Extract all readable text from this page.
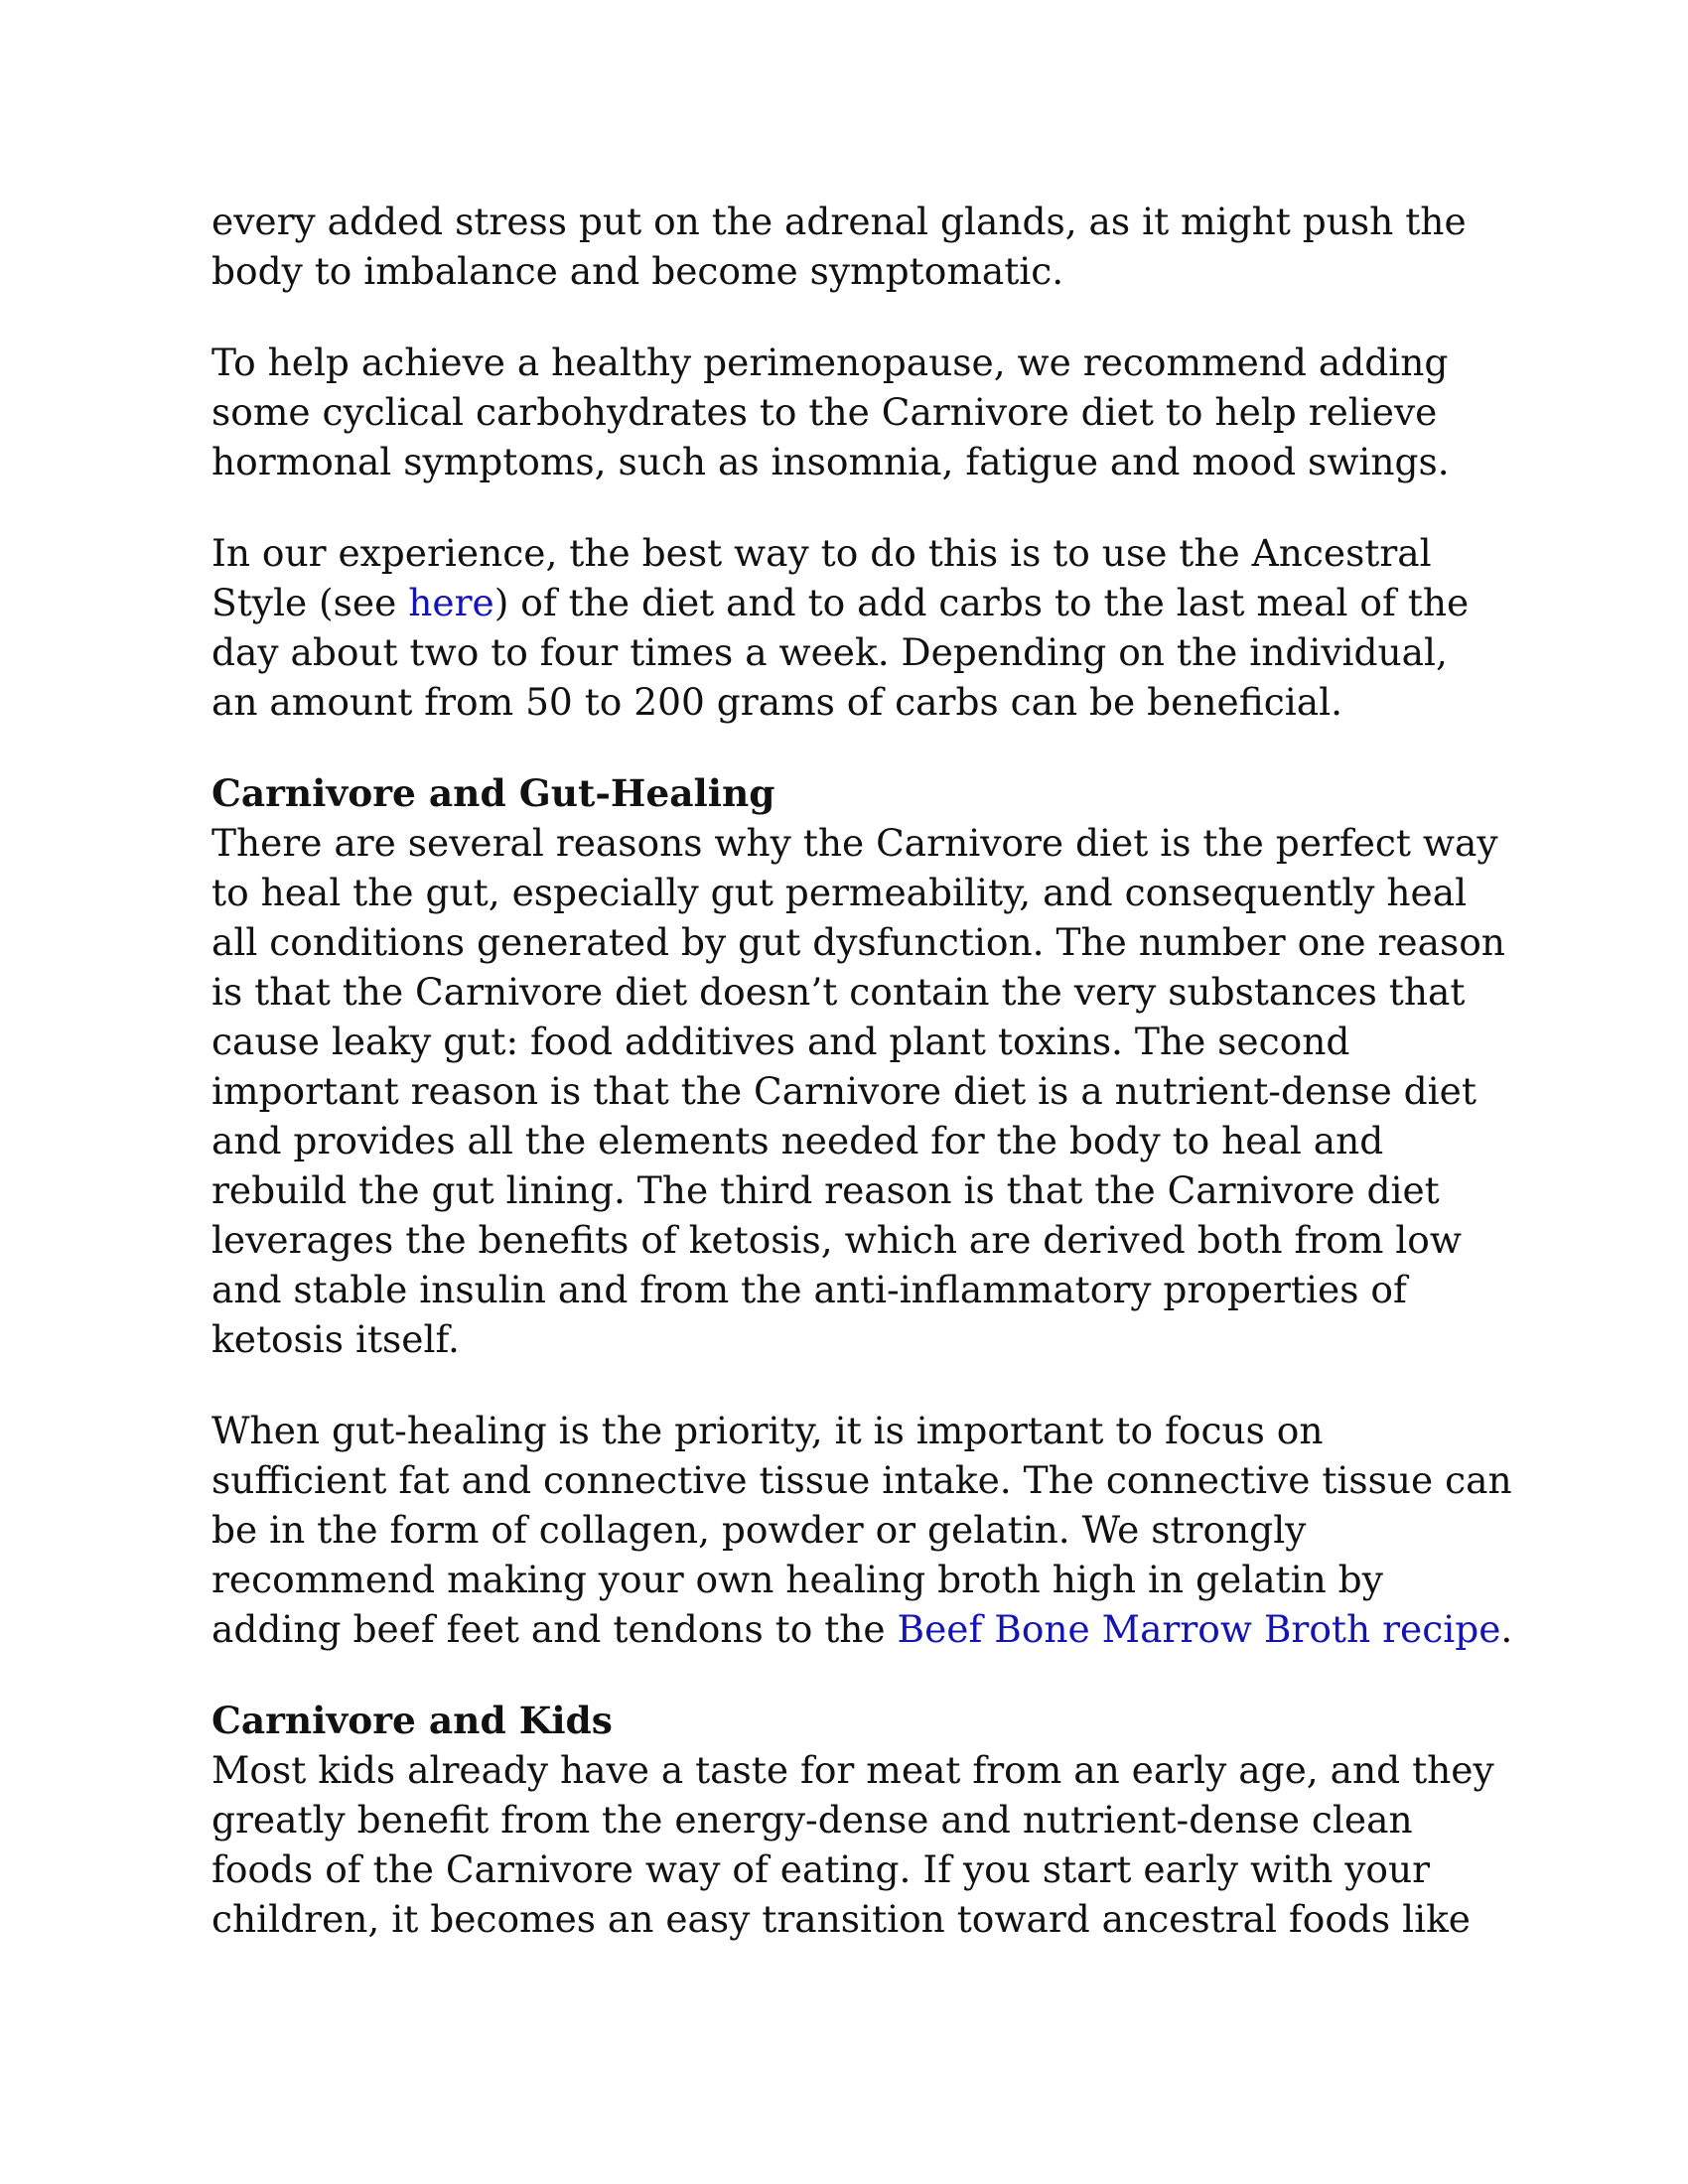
every added stress put on the adrenal glands, as it might push the
body to imbalance and become symptomatic.
To help achieve a healthy perimenopause, we recommend adding
some cyclical carbohydrates to the Carnivore diet to help relieve
hormonal symptoms, such as insomnia, fatigue and mood swings.
In our experience, the best way to do this is to use the Ancestral
Style (see here) of the diet and to add carbs to the last meal of the
day about two to four times a week. Depending on the individual,
an amount from 50 to 200 grams of carbs can be beneficial.
Carnivore and Gut-Healing
There are several reasons why the Carnivore diet is the perfect way
to heal the gut, especially gut permeability, and consequently heal
all conditions generated by gut dysfunction. The number one reason
is that the Carnivore diet doesn’t contain the very substances that
cause leaky gut: food additives and plant toxins. The second
important reason is that the Carnivore diet is a nutrient-dense diet
and provides all the elements needed for the body to heal and
rebuild the gut lining. The third reason is that the Carnivore diet
leverages the benefits of ketosis, which are derived both from low
and stable insulin and from the anti-inflammatory properties of
ketosis itself.
When gut-healing is the priority, it is important to focus on
sufficient fat and connective tissue intake. The connective tissue can
be in the form of collagen, powder or gelatin. We strongly
recommend making your own healing broth high in gelatin by
adding beef feet and tendons to the Beef Bone Marrow Broth recipe.
Carnivore and Kids
Most kids already have a taste for meat from an early age, and they
greatly benefit from the energy-dense and nutrient-dense clean
foods of the Carnivore way of eating. If you start early with your
children, it becomes an easy transition toward ancestral foods like
